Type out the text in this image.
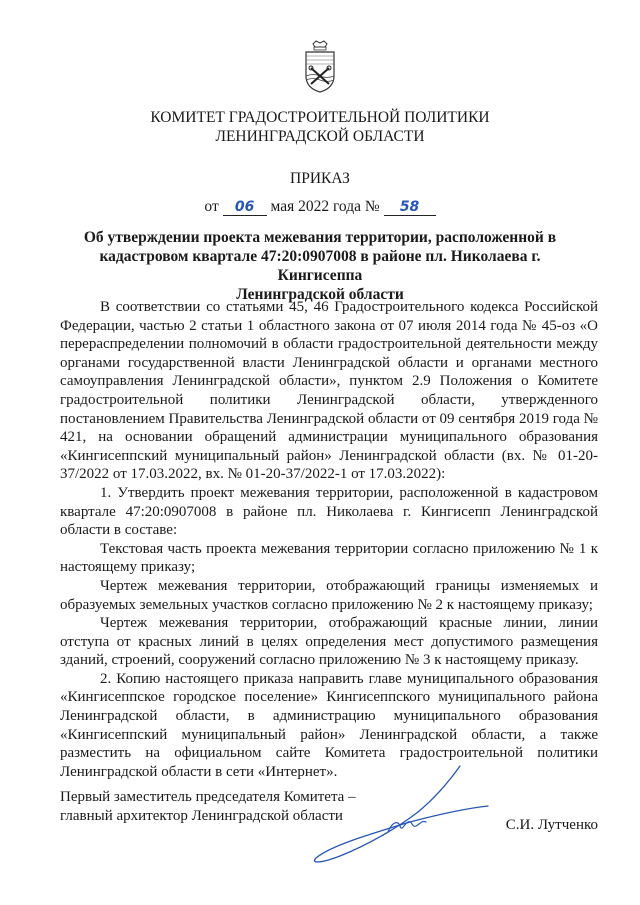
КОМИТЕТ ГРАДОСТРОИТЕЛЬНОЙ ПОЛИТИКИ
ЛЕНИНГРАДСКОЙ ОБЛАСТИ
ПРИКАЗ
от 06 мая 2022 года № 58
Об утверждении проекта межевания территории, расположенной в
кадастровом квартале 47:20:0907008 в районе пл. Николаева г. Кингисеппа
Ленинградской области

В соответствии со статьями 45, 46 Градостроительного кодекса Российской Федерации, частью 2 статьи 1 областного закона от 07 июля 2014 года № 45-оз «О перераспределении полномочий в области градостроительной деятельности между органами государственной власти Ленинградской области и органами местного самоуправления Ленинградской области», пунктом 2.9 Положения о Комитете градостроительной политики Ленинградской области, утвержденного постановлением Правительства Ленинградской области от 09 сентября 2019 года № 421, на основании обращений администрации муниципального образования «Кингисеппский муниципальный район» Ленинградской области (вх. № 01-20-37/2022 от 17.03.2022, вх. № 01-20-37/2022-1 от 17.03.2022):

1. Утвердить проект межевания территории, расположенной в кадастровом квартале 47:20:0907008 в районе пл. Николаева г. Кингисепп Ленинградской области в составе:

Текстовая часть проекта межевания территории согласно приложению № 1 к настоящему приказу;

Чертеж межевания территории, отображающий границы изменяемых и образуемых земельных участков согласно приложению № 2 к настоящему приказу;

Чертеж межевания территории, отображающий красные линии, линии отступа от красных линий в целях определения мест допустимого размещения зданий, строений, сооружений согласно приложению № 3 к настоящему приказу.

2. Копию настоящего приказа направить главе муниципального образования «Кингисеппское городское поселение» Кингисеппского муниципального района Ленинградской области, в администрацию муниципального образования «Кингисеппский муниципальный район» Ленинградской области, а также разместить на официальном сайте Комитета градостроительной политики Ленинградской области в сети «Интернет».

Первый заместитель председателя Комитета –
главный архитектор Ленинградской области
С.И. Лутченко
